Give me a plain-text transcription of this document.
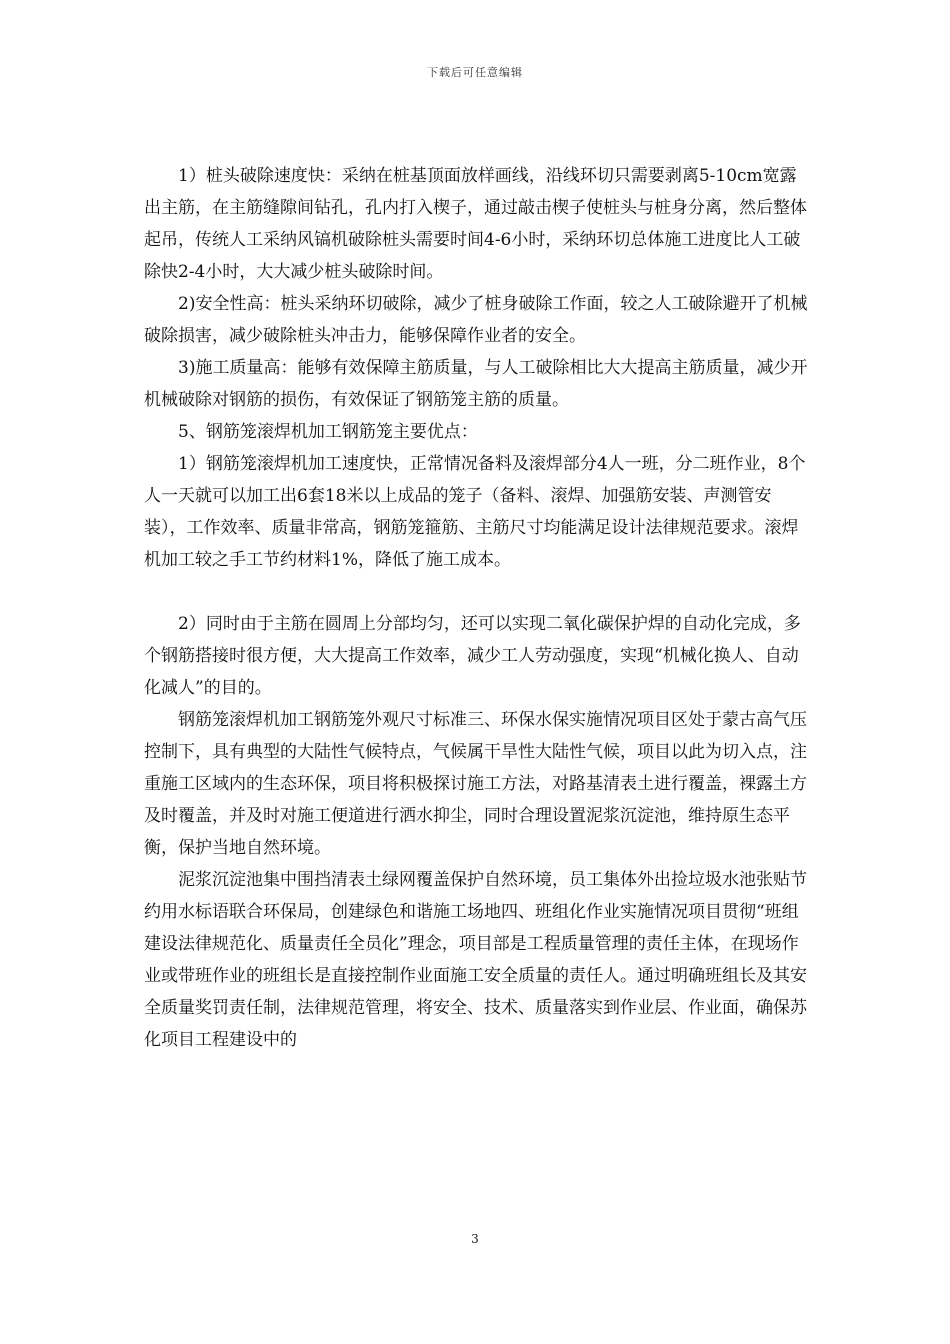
下载后可任意编辑

1）桩头破除速度快：采纳在桩基顶面放样画线，沿线环切只需要剥离5-10cm宽露出主筋，在主筋缝隙间钻孔，孔内打入楔子，通过敲击楔子使桩头与桩身分离，然后整体起吊，传统人工采纳风镐机破除桩头需要时间4-6小时，采纳环切总体施工进度比人工破除快2-4小时，大大减少桩头破除时间。

2)安全性高：桩头采纳环切破除，减少了桩身破除工作面，较之人工破除避开了机械破除损害，减少破除桩头冲击力，能够保障作业者的安全。

3)施工质量高：能够有效保障主筋质量，与人工破除相比大大提高主筋质量，减少开机械破除对钢筋的损伤，有效保证了钢筋笼主筋的质量。

5、钢筋笼滚焊机加工钢筋笼主要优点：

1）钢筋笼滚焊机加工速度快，正常情况备料及滚焊部分4人一班，分二班作业，8个人一天就可以加工出6套18米以上成品的笼子（备料、滚焊、加强筋安装、声测管安装），工作效率、质量非常高，钢筋笼箍筋、主筋尺寸均能满足设计法律规范要求。滚焊机加工较之手工节约材料1%，降低了施工成本。

2）同时由于主筋在圆周上分部均匀，还可以实现二氧化碳保护焊的自动化完成，多个钢筋搭接时很方便，大大提高工作效率，减少工人劳动强度，实现“机械化换人、自动化减人”的目的。

钢筋笼滚焊机加工钢筋笼外观尺寸标准三、环保水保实施情况项目区处于蒙古高气压控制下，具有典型的大陆性气候特点，气候属干旱性大陆性气候，项目以此为切入点，注重施工区域内的生态环保，项目将积极探讨施工方法，对路基清表土进行覆盖，裸露土方及时覆盖，并及时对施工便道进行洒水抑尘，同时合理设置泥浆沉淀池，维持原生态平衡，保护当地自然环境。

泥浆沉淀池集中围挡清表土绿网覆盖保护自然环境，员工集体外出捡垃圾水池张贴节约用水标语联合环保局，创建绿色和谐施工场地四、班组化作业实施情况项目贯彻“班组建设法律规范化、质量责任全员化”理念，项目部是工程质量管理的责任主体，在现场作业或带班作业的班组长是直接控制作业面施工安全质量的责任人。通过明确班组长及其安全质量奖罚责任制，法律规范管理，将安全、技术、质量落实到作业层、作业面，确保苏化项目工程建设中的

3
